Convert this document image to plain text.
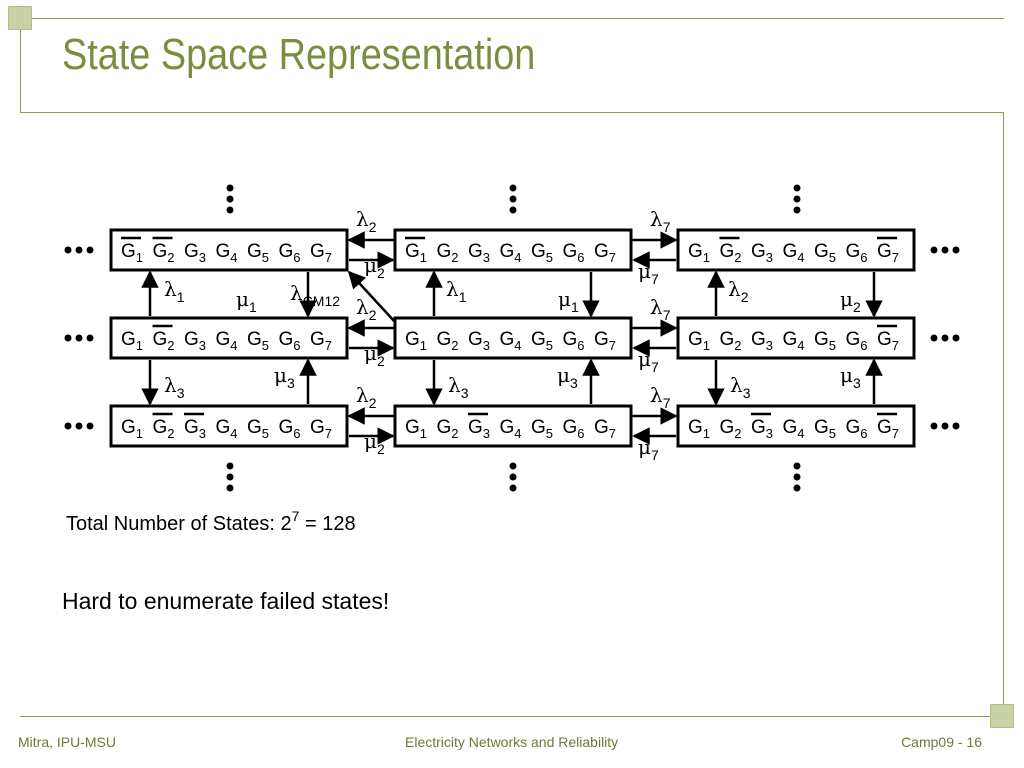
State Space Representation
$G_1$ $G_2$ $G_3$ $G_4$ $G_5$ $G_6$ $G_7$	$G_1$ $G_2$ $G_3$ $G_4$ $G_5$ $G_6$ $G_7$	$G_1$ $G_2$ $G_3$ $G_4$ $G_5$ $G_6$ $G_7$
$G_1$ $G_2$ $G_3$ $G_4$ $G_5$ $G_6$ $G_7$	$G_1$ $G_2$ $G_3$ $G_4$ $G_5$ $G_6$ $G_7$	$G_1$ $G_2$ $G_3$ $G_4$ $G_5$ $G_6$ $G_7$
$G_1$ $G_2$ $G_3$ $G_4$ $G_5$ $G_6$ $G_7$	$G_1$ $G_2$ $G_3$ $G_4$ $G_5$ $G_6$ $G_7$	$G_1$ $G_2$ $G_3$ $G_4$ $G_5$ $G_6$ $G_7$
$\lambda_2$
$\mu_2$
$\lambda_7$
$\mu_7$
$\lambda_2$
$\mu_2$
$\lambda_7$
$\mu_7$
$\lambda_2$
$\mu_2$
$\lambda_7$
$\mu_7$
$\lambda_1$	$\mu_1$
$\lambda_1$	$\mu_1$
$\lambda_2$	$\mu_2$
$\lambda_{CM12}$
$\lambda_3$
$\mu_3$	$\lambda_3$
$\mu_3$	$\lambda_3$
$\mu_3$
Total Number of States: $2^7 = 128$
Hard to enumerate failed states!
Mitra, IPU-MSU	Electricity Networks and Reliability	Camp09 - 16
